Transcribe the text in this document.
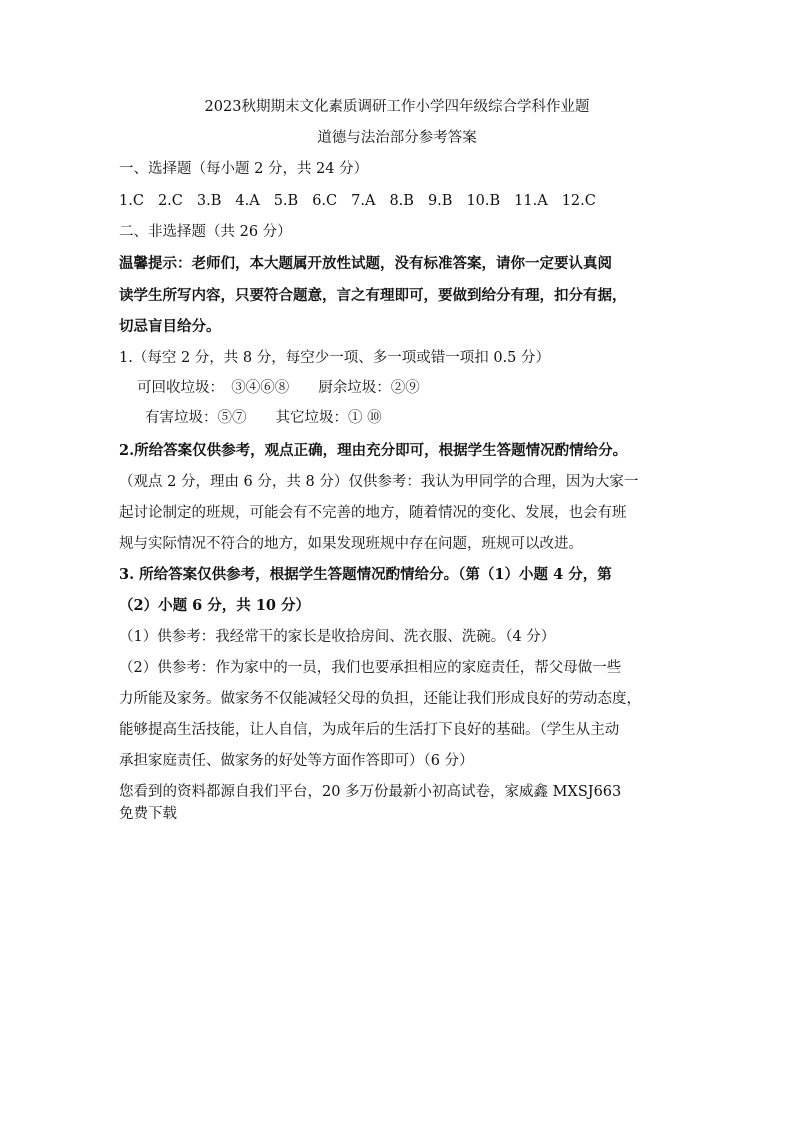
2023秋期期末文化素质调研工作小学四年级综合学科作业题
道德与法治部分参考答案
一、选择题（每小题 2 分，共 24 分）
1.C 2.C 3.B 4.A 5.B 6.C 7.A 8.B 9.B 10.B 11.A 12.C
二、非选择题（共 26 分）
温馨提示：老师们，本大题属开放性试题，没有标准答案，请你一定要认真阅
读学生所写内容，只要符合题意，言之有理即可，要做到给分有理，扣分有据，
切忌盲目给分。
1.（每空 2 分，共 8 分，每空少一项、多一项或错一项扣 0.5 分）
可回收垃圾：　③④⑥⑧　　厨余垃圾：②⑨
有害垃圾：⑤⑦　　其它垃圾：① ⑩
2.所给答案仅供参考，观点正确，理由充分即可，根据学生答题情况酌情给分。
（观点 2 分，理由 6 分，共 8 分）仅供参考：我认为甲同学的合理，因为大家一
起讨论制定的班规，可能会有不完善的地方，随着情况的变化、发展，也会有班
规与实际情况不符合的地方，如果发现班规中存在问题，班规可以改进。
3. 所给答案仅供参考，根据学生答题情况酌情给分。（第（1）小题 4 分，第
（2）小题 6 分，共 10 分）
（1）供参考：我经常干的家长是收拾房间、洗衣服、洗碗。（4 分）
（2）供参考：作为家中的一员，我们也要承担相应的家庭责任，帮父母做一些
力所能及家务。做家务不仅能减轻父母的负担，还能让我们形成良好的劳动态度，
能够提高生活技能，让人自信，为成年后的生活打下良好的基础。（学生从主动
承担家庭责任、做家务的好处等方面作答即可）（6 分）
您看到的资料都源自我们平台，20 多万份最新小初高试卷，家威鑫 MXSJ663
免费下载
